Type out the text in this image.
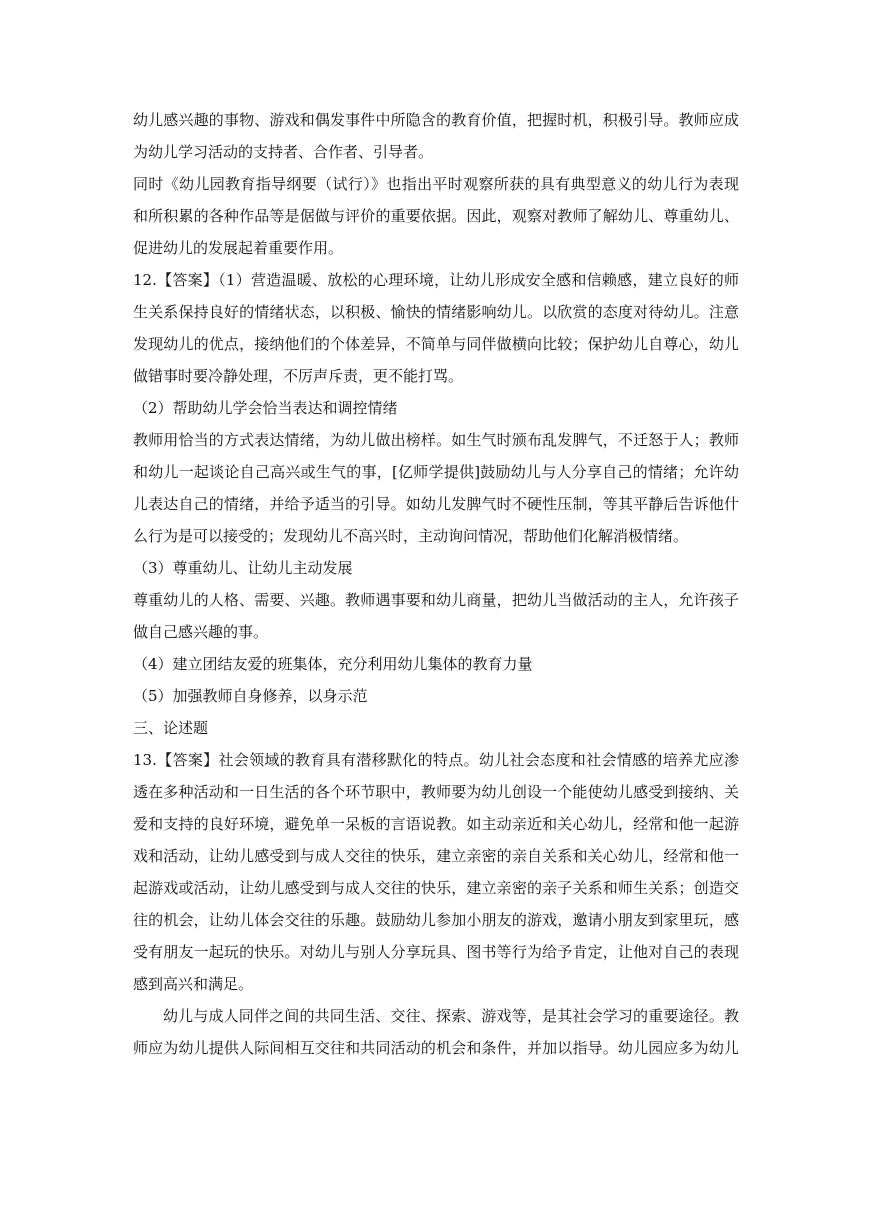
幼儿感兴趣的事物、游戏和偶发事件中所隐含的教育价值，把握时机，积极引导。教师应成
为幼儿学习活动的支持者、合作者、引导者。
同时《幼儿园教育指导纲要（试行）》也指出平时观察所获的具有典型意义的幼儿行为表现
和所积累的各种作品等是倨做与评价的重要依据。因此，观察对教师了解幼儿、尊重幼儿、
促进幼儿的发展起着重要作用。
12.【答案】（1）营造温暖、放松的心理环境，让幼儿形成安全感和信赖感，建立良好的师
生关系保持良好的情绪状态，以积极、愉快的情绪影响幼儿。以欣赏的态度对待幼儿。注意
发现幼儿的优点，接纳他们的个体差异，不简单与同伴做横向比较；保护幼儿自尊心，幼儿
做错事时要冷静处理，不厉声斥责，更不能打骂。
（2）帮助幼儿学会恰当表达和调控情绪
教师用恰当的方式表达情绪，为幼儿做出榜样。如生气时颁布乱发脾气，不迁怒于人；教师
和幼儿一起谈论自己高兴或生气的事，[亿师学提供]鼓励幼儿与人分享自己的情绪；允许幼
儿表达自己的情绪，并给予适当的引导。如幼儿发脾气时不硬性压制，等其平静后告诉他什
么行为是可以接受的；发现幼儿不高兴时，主动询问情况，帮助他们化解消极情绪。
（3）尊重幼儿、让幼儿主动发展
尊重幼儿的人格、需要、兴趣。教师遇事要和幼儿商量，把幼儿当做活动的主人，允许孩子
做自己感兴趣的事。
（4）建立团结友爱的班集体，充分利用幼儿集体的教育力量
（5）加强教师自身修养，以身示范
三、论述题
13.【答案】社会领域的教育具有潜移默化的特点。幼儿社会态度和社会情感的培养尤应渗
透在多种活动和一日生活的各个环节职中，教师要为幼儿创设一个能使幼儿感受到接纳、关
爱和支持的良好环境，避免单一呆板的言语说教。如主动亲近和关心幼儿，经常和他一起游
戏和活动，让幼儿感受到与成人交往的快乐，建立亲密的亲自关系和关心幼儿，经常和他一
起游戏或活动，让幼儿感受到与成人交往的快乐，建立亲密的亲子关系和师生关系；创造交
往的机会，让幼儿体会交往的乐趣。鼓励幼儿参加小朋友的游戏，邀请小朋友到家里玩，感
受有朋友一起玩的快乐。对幼儿与别人分享玩具、图书等行为给予肯定，让他对自己的表现
感到高兴和满足。
幼儿与成人同伴之间的共同生活、交往、探索、游戏等，是其社会学习的重要途径。教
师应为幼儿提供人际间相互交往和共同活动的机会和条件，并加以指导。幼儿园应多为幼儿
